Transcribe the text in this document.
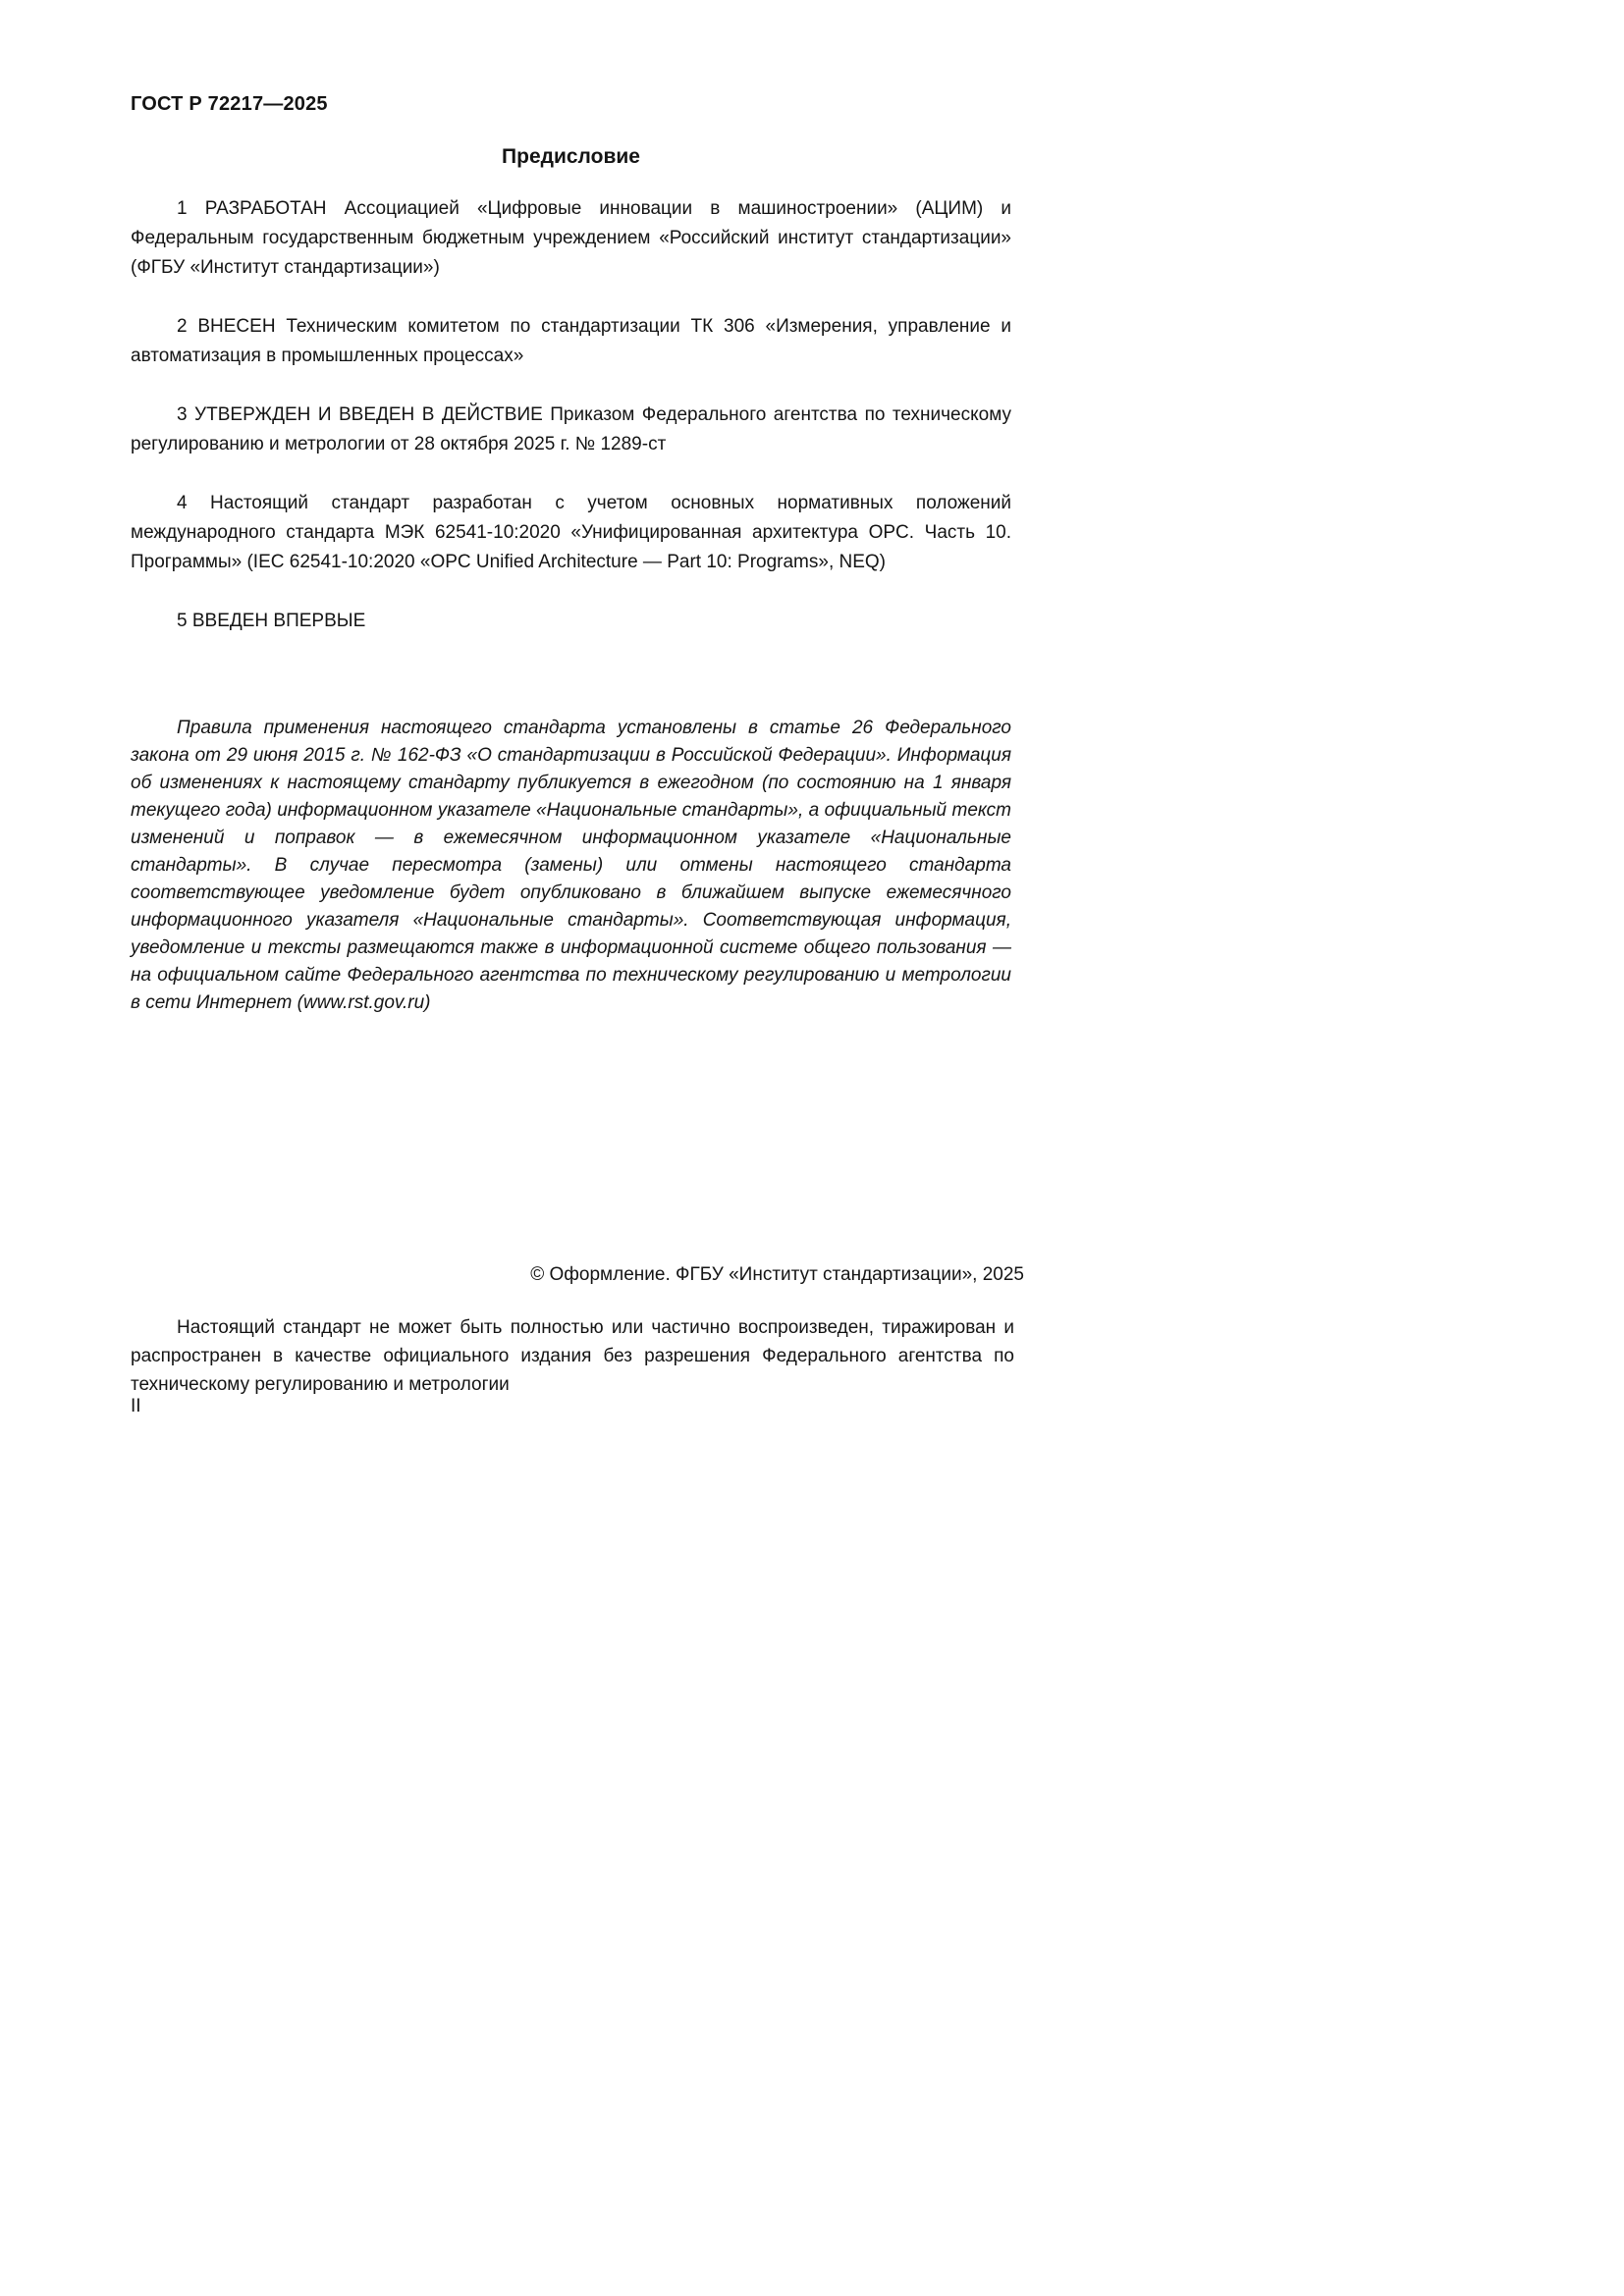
ГОСТ Р 72217—2025
Предисловие

1 РАЗРАБОТАН Ассоциацией «Цифровые инновации в машиностроении» (АЦИМ) и Федеральным государственным бюджетным учреждением «Российский институт стандартизации» (ФГБУ «Институт стандартизации»)

2 ВНЕСЕН Техническим комитетом по стандартизации ТК 306 «Измерения, управление и автоматизация в промышленных процессах»

3 УТВЕРЖДЕН И ВВЕДЕН В ДЕЙСТВИЕ Приказом Федерального агентства по техническому регулированию и метрологии от 28 октября 2025 г. № 1289-ст

4 Настоящий стандарт разработан с учетом основных нормативных положений международного стандарта МЭК 62541-10:2020 «Унифицированная архитектура OPC. Часть 10. Программы» (IEC 62541-10:2020 «OPC Unified Architecture — Part 10: Programs», NEQ)

5 ВВЕДЕН ВПЕРВЫЕ

Правила применения настоящего стандарта установлены в статье 26 Федерального закона от 29 июня 2015 г. № 162-ФЗ «О стандартизации в Российской Федерации». Информация об изменениях к настоящему стандарту публикуется в ежегодном (по состоянию на 1 января текущего года) информационном указателе «Национальные стандарты», а официальный текст изменений и поправок — в ежемесячном информационном указателе «Национальные стандарты». В случае пересмотра (замены) или отмены настоящего стандарта соответствующее уведомление будет опубликовано в ближайшем выпуске ежемесячного информационного указателя «Национальные стандарты». Соответствующая информация, уведомление и тексты размещаются также в информационной системе общего пользования — на официальном сайте Федерального агентства по техническому регулированию и метрологии в сети Интернет (www.rst.gov.ru)

© Оформление. ФГБУ «Институт стандартизации», 2025

Настоящий стандарт не может быть полностью или частично воспроизведен, тиражирован и распространен в качестве официального издания без разрешения Федерального агентства по техническому регулированию и метрологии

II
